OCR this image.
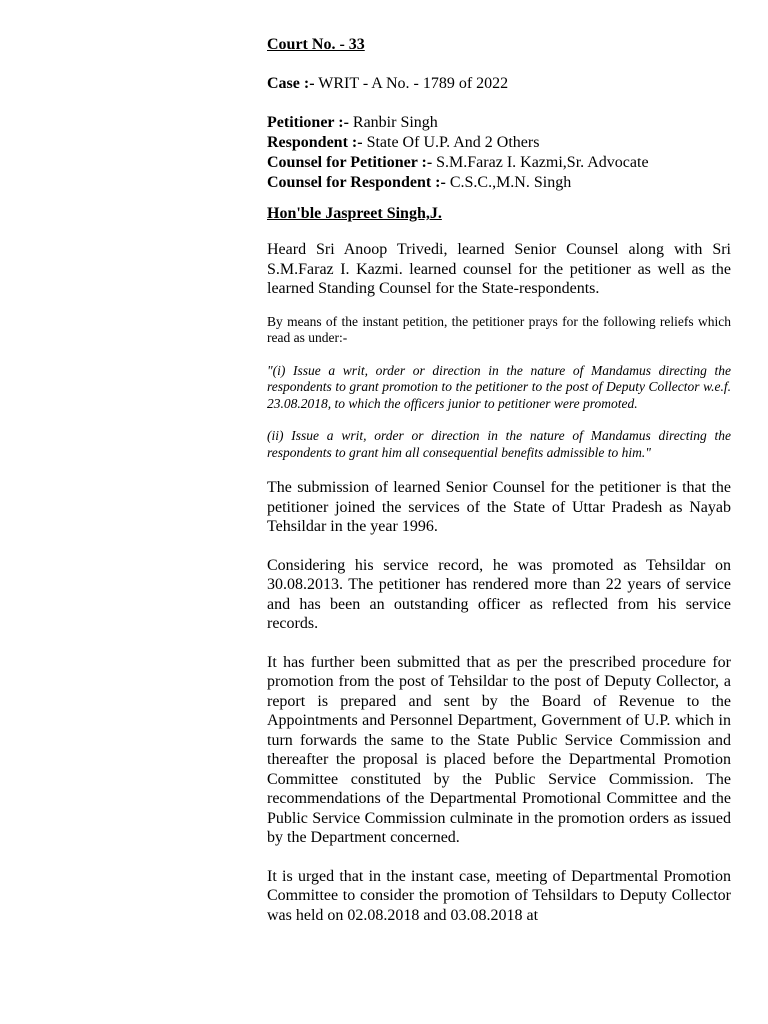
Court No. - 33

Case :- WRIT - A No. - 1789 of 2022

Petitioner :- Ranbir Singh

Respondent :- State Of U.P. And 2 Others

Counsel for Petitioner :- S.M.Faraz I. Kazmi,Sr. Advocate

Counsel for Respondent :- C.S.C.,M.N. Singh

Hon'ble Jaspreet Singh,J.

Heard Sri Anoop Trivedi, learned Senior Counsel along with Sri S.M.Faraz I. Kazmi. learned counsel for the petitioner as well as the learned Standing Counsel for the State-respondents.

By means of the instant petition, the petitioner prays for the following reliefs which read as under:-

"(i) Issue a writ, order or direction in the nature of Mandamus directing the respondents to grant promotion to the petitioner to the post of Deputy Collector w.e.f. 23.08.2018, to which the officers junior to petitioner were promoted.

(ii) Issue a writ, order or direction in the nature of Mandamus directing the respondents to grant him all consequential benefits admissible to him."

The submission of learned Senior Counsel for the petitioner is that the petitioner joined the services of the State of Uttar Pradesh as Nayab Tehsildar in the year 1996.

Considering his service record, he was promoted as Tehsildar on 30.08.2013. The petitioner has rendered more than 22 years of service and has been an outstanding officer as reflected from his service records.

It has further been submitted that as per the prescribed procedure for promotion from the post of Tehsildar to the post of Deputy Collector, a report is prepared and sent by the Board of Revenue to the Appointments and Personnel Department, Government of U.P. which in turn forwards the same to the State Public Service Commission and thereafter the proposal is placed before the Departmental Promotion Committee constituted by the Public Service Commission. The recommendations of the Departmental Promotional Committee and the Public Service Commission culminate in the promotion orders as issued by the Department concerned.

It is urged that in the instant case, meeting of Departmental Promotion Committee to consider the promotion of Tehsildars to Deputy Collector was held on 02.08.2018 and 03.08.2018 at
